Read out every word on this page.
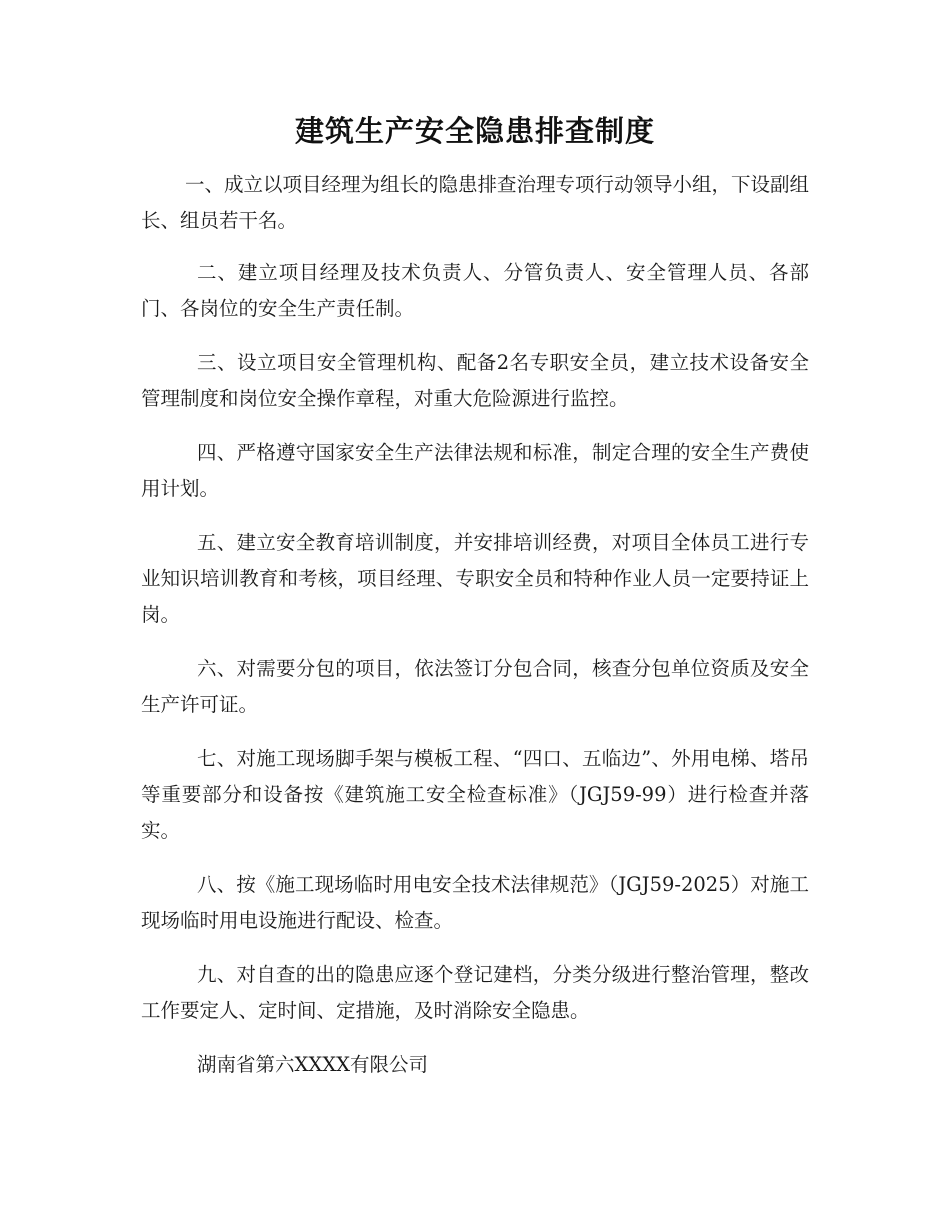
建筑生产安全隐患排查制度

一、成立以项目经理为组长的隐患排查治理专项行动领导小组，下设副组长、组员若干名。

二、建立项目经理及技术负责人、分管负责人、安全管理人员、各部门、各岗位的安全生产责任制。

三、设立项目安全管理机构、配备2名专职安全员，建立技术设备安全管理制度和岗位安全操作章程，对重大危险源进行监控。

四、严格遵守国家安全生产法律法规和标准，制定合理的安全生产费使用计划。

五、建立安全教育培训制度，并安排培训经费，对项目全体员工进行专业知识培训教育和考核，项目经理、专职安全员和特种作业人员一定要持证上岗。

六、对需要分包的项目，依法签订分包合同，核查分包单位资质及安全生产许可证。

七、对施工现场脚手架与模板工程、“四口、五临边”、外用电梯、塔吊等重要部分和设备按《建筑施工安全检查标准》（JGJ59-99）进行检查并落实。

八、按《施工现场临时用电安全技术法律规范》（JGJ59-2025）对施工现场临时用电设施进行配设、检查。

九、对自查的出的隐患应逐个登记建档，分类分级进行整治管理，整改工作要定人、定时间、定措施，及时消除安全隐患。

湖南省第六XXXX有限公司
